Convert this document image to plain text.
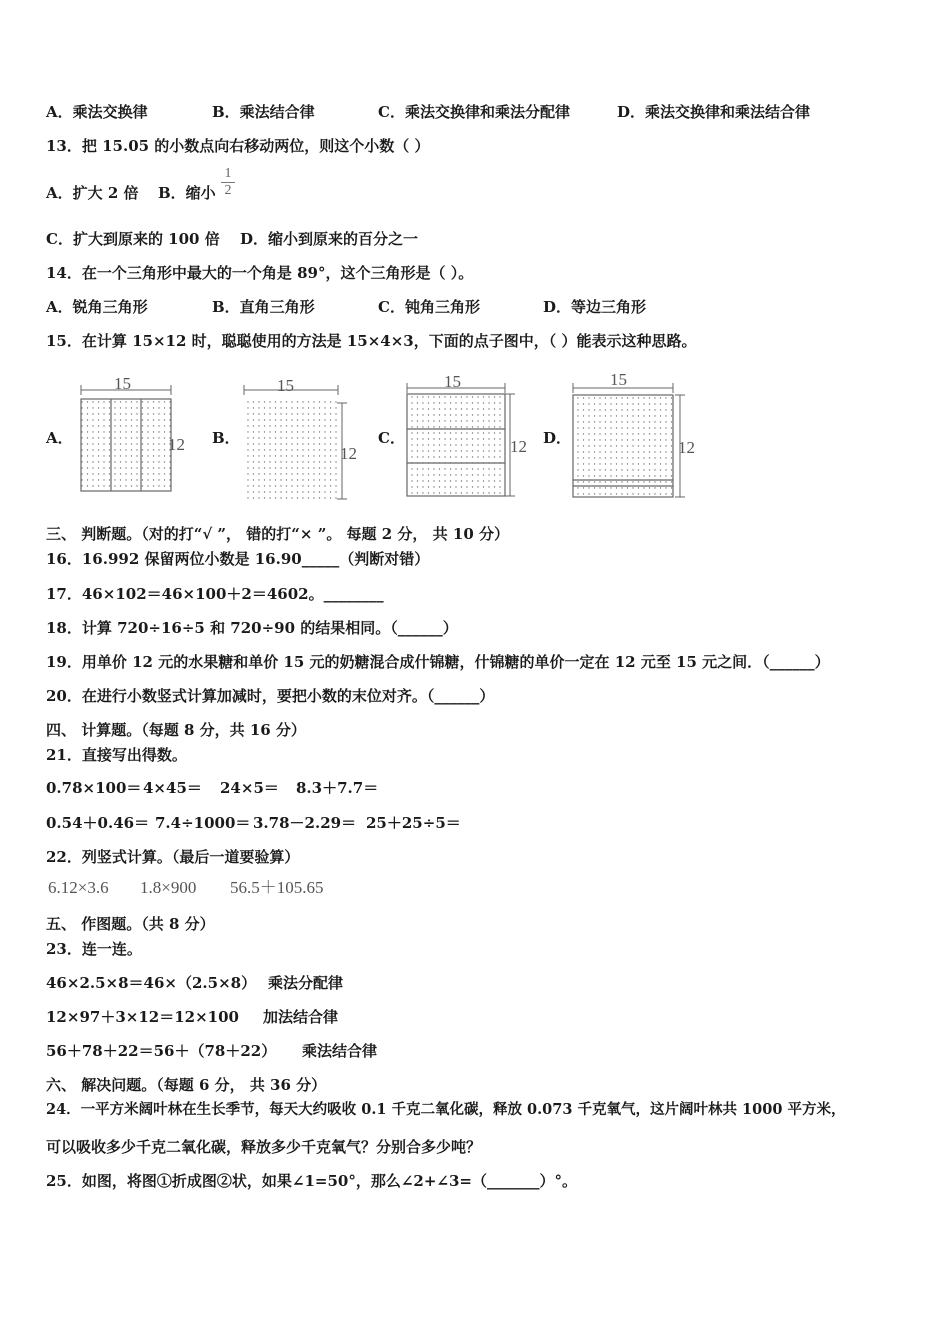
A．乘法交换律	B．乘法结合律	C．乘法交换律和乘法分配律	D．乘法交换律和乘法结合律
13．把 15.05 的小数点向右移动两位，则这个小数（ ）
A．扩大 2 倍 B．缩小
1
2
C．扩大到原来的 100 倍 D．缩小到原来的百分之一
14．在一个三角形中最大的一个角是 89°，这个三角形是（ ）。
A．锐角三角形	B．直角三角形	C．钝角三角形	D．等边三角形
15．在计算 15×12 时，聪聪使用的方法是 15×4×3，下面的点子图中，（ ）能表示这种思路。
A．	B．	C．	D．
15
12
15
12
15
12
15
12
三、 判断题。（对的打“√ ”， 错的打“× ”。 每题 2 分， 共 10 分）
16．16.992 保留两位小数是 16.90_____（判断对错）
17．46×102＝46×100＋2＝4602。________
18．计算 720÷16÷5 和 720÷90 的结果相同。（______）
19．用单价 12 元的水果糖和单价 15 元的奶糖混合成什锦糖，什锦糖的单价一定在 12 元至 15 元之间．（______）
20．在进行小数竖式计算加减时，要把小数的末位对齐。（______）
四、 计算题。（每题 8 分，共 16 分）
21．直接写出得数。
0.78×100＝ 4×45＝ 24×5＝ 8.3＋7.7＝
0.54＋0.46＝ 7.4÷1000＝ 3.78－2.29＝ 25＋25÷5＝
22．列竖式计算。（最后一道要验算）
6.12×3.6 1.8×900 56.5＋105.65
五、 作图题。（共 8 分）
23．连一连。
46×2.5×8＝46×（2.5×8） 乘法分配律
12×97＋3×12＝12×100 加法结合律
56＋78＋22＝56＋（78＋22） 乘法结合律
六、 解决问题。（每题 6 分， 共 36 分）
24．一平方米阔叶林在生长季节，每天大约吸收 0.1 千克二氧化碳，释放 0.073 千克氧气，这片阔叶林共 1000 平方米，
可以吸收多少千克二氧化碳，释放多少千克氧气？分别合多少吨？
25．如图，将图①折成图②状，如果∠1=50°，那么∠2+∠3=（_______）°。
